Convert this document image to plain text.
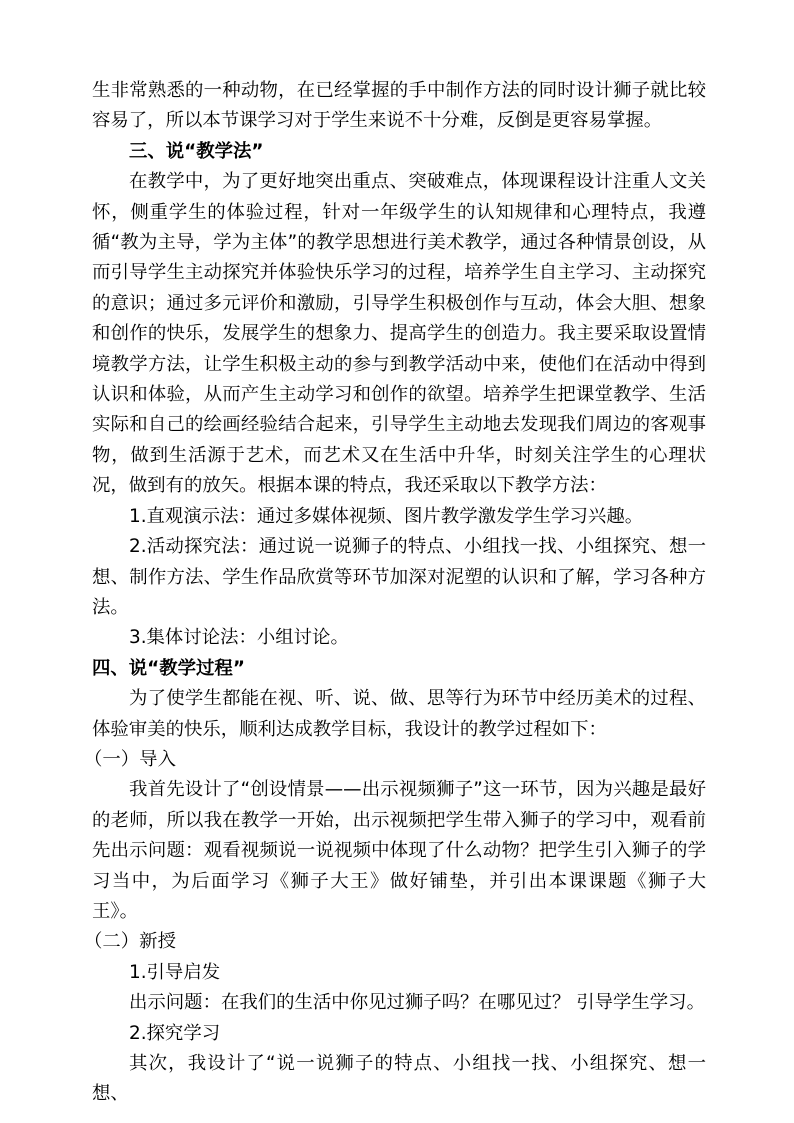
生非常熟悉的一种动物，在已经掌握的手中制作方法的同时设计狮子就比较容易了，所以本节课学习对于学生来说不十分难，反倒是更容易掌握。

三、说“教学法”

在教学中，为了更好地突出重点、突破难点，体现课程设计注重人文关怀，侧重学生的体验过程，针对一年级学生的认知规律和心理特点，我遵循“教为主导，学为主体”的教学思想进行美术教学，通过各种情景创设，从而引导学生主动探究并体验快乐学习的过程，培养学生自主学习、主动探究的意识；通过多元评价和激励，引导学生积极创作与互动，体会大胆、想象和创作的快乐，发展学生的想象力、提高学生的创造力。我主要采取设置情境教学方法，让学生积极主动的参与到教学活动中来，使他们在活动中得到认识和体验，从而产生主动学习和创作的欲望。培养学生把课堂教学、生活实际和自己的绘画经验结合起来，引导学生主动地去发现我们周边的客观事物，做到生活源于艺术，而艺术又在生活中升华，时刻关注学生的心理状况，做到有的放矢。根据本课的特点，我还采取以下教学方法：

1.直观演示法：通过多媒体视频、图片教学激发学生学习兴趣。

2.活动探究法：通过说一说狮子的特点、小组找一找、小组探究、想一想、制作方法、学生作品欣赏等环节加深对泥塑的认识和了解，学习各种方法。

3.集体讨论法：小组讨论。

四、说“教学过程”

为了使学生都能在视、听、说、做、思等行为环节中经历美术的过程、体验审美的快乐，顺利达成教学目标，我设计的教学过程如下：

（一）导入

我首先设计了“创设情景——出示视频狮子”这一环节，因为兴趣是最好的老师，所以我在教学一开始，出示视频把学生带入狮子的学习中，观看前先出示问题：观看视频说一说视频中体现了什么动物？把学生引入狮子的学习当中，为后面学习《狮子大王》做好铺垫，并引出本课课题《狮子大王》。

（二）新授

1.引导启发

出示问题：在我们的生活中你见过狮子吗？在哪见过？ 引导学生学习。

2.探究学习

其次，我设计了“说一说狮子的特点、小组找一找、小组探究、想一想、
